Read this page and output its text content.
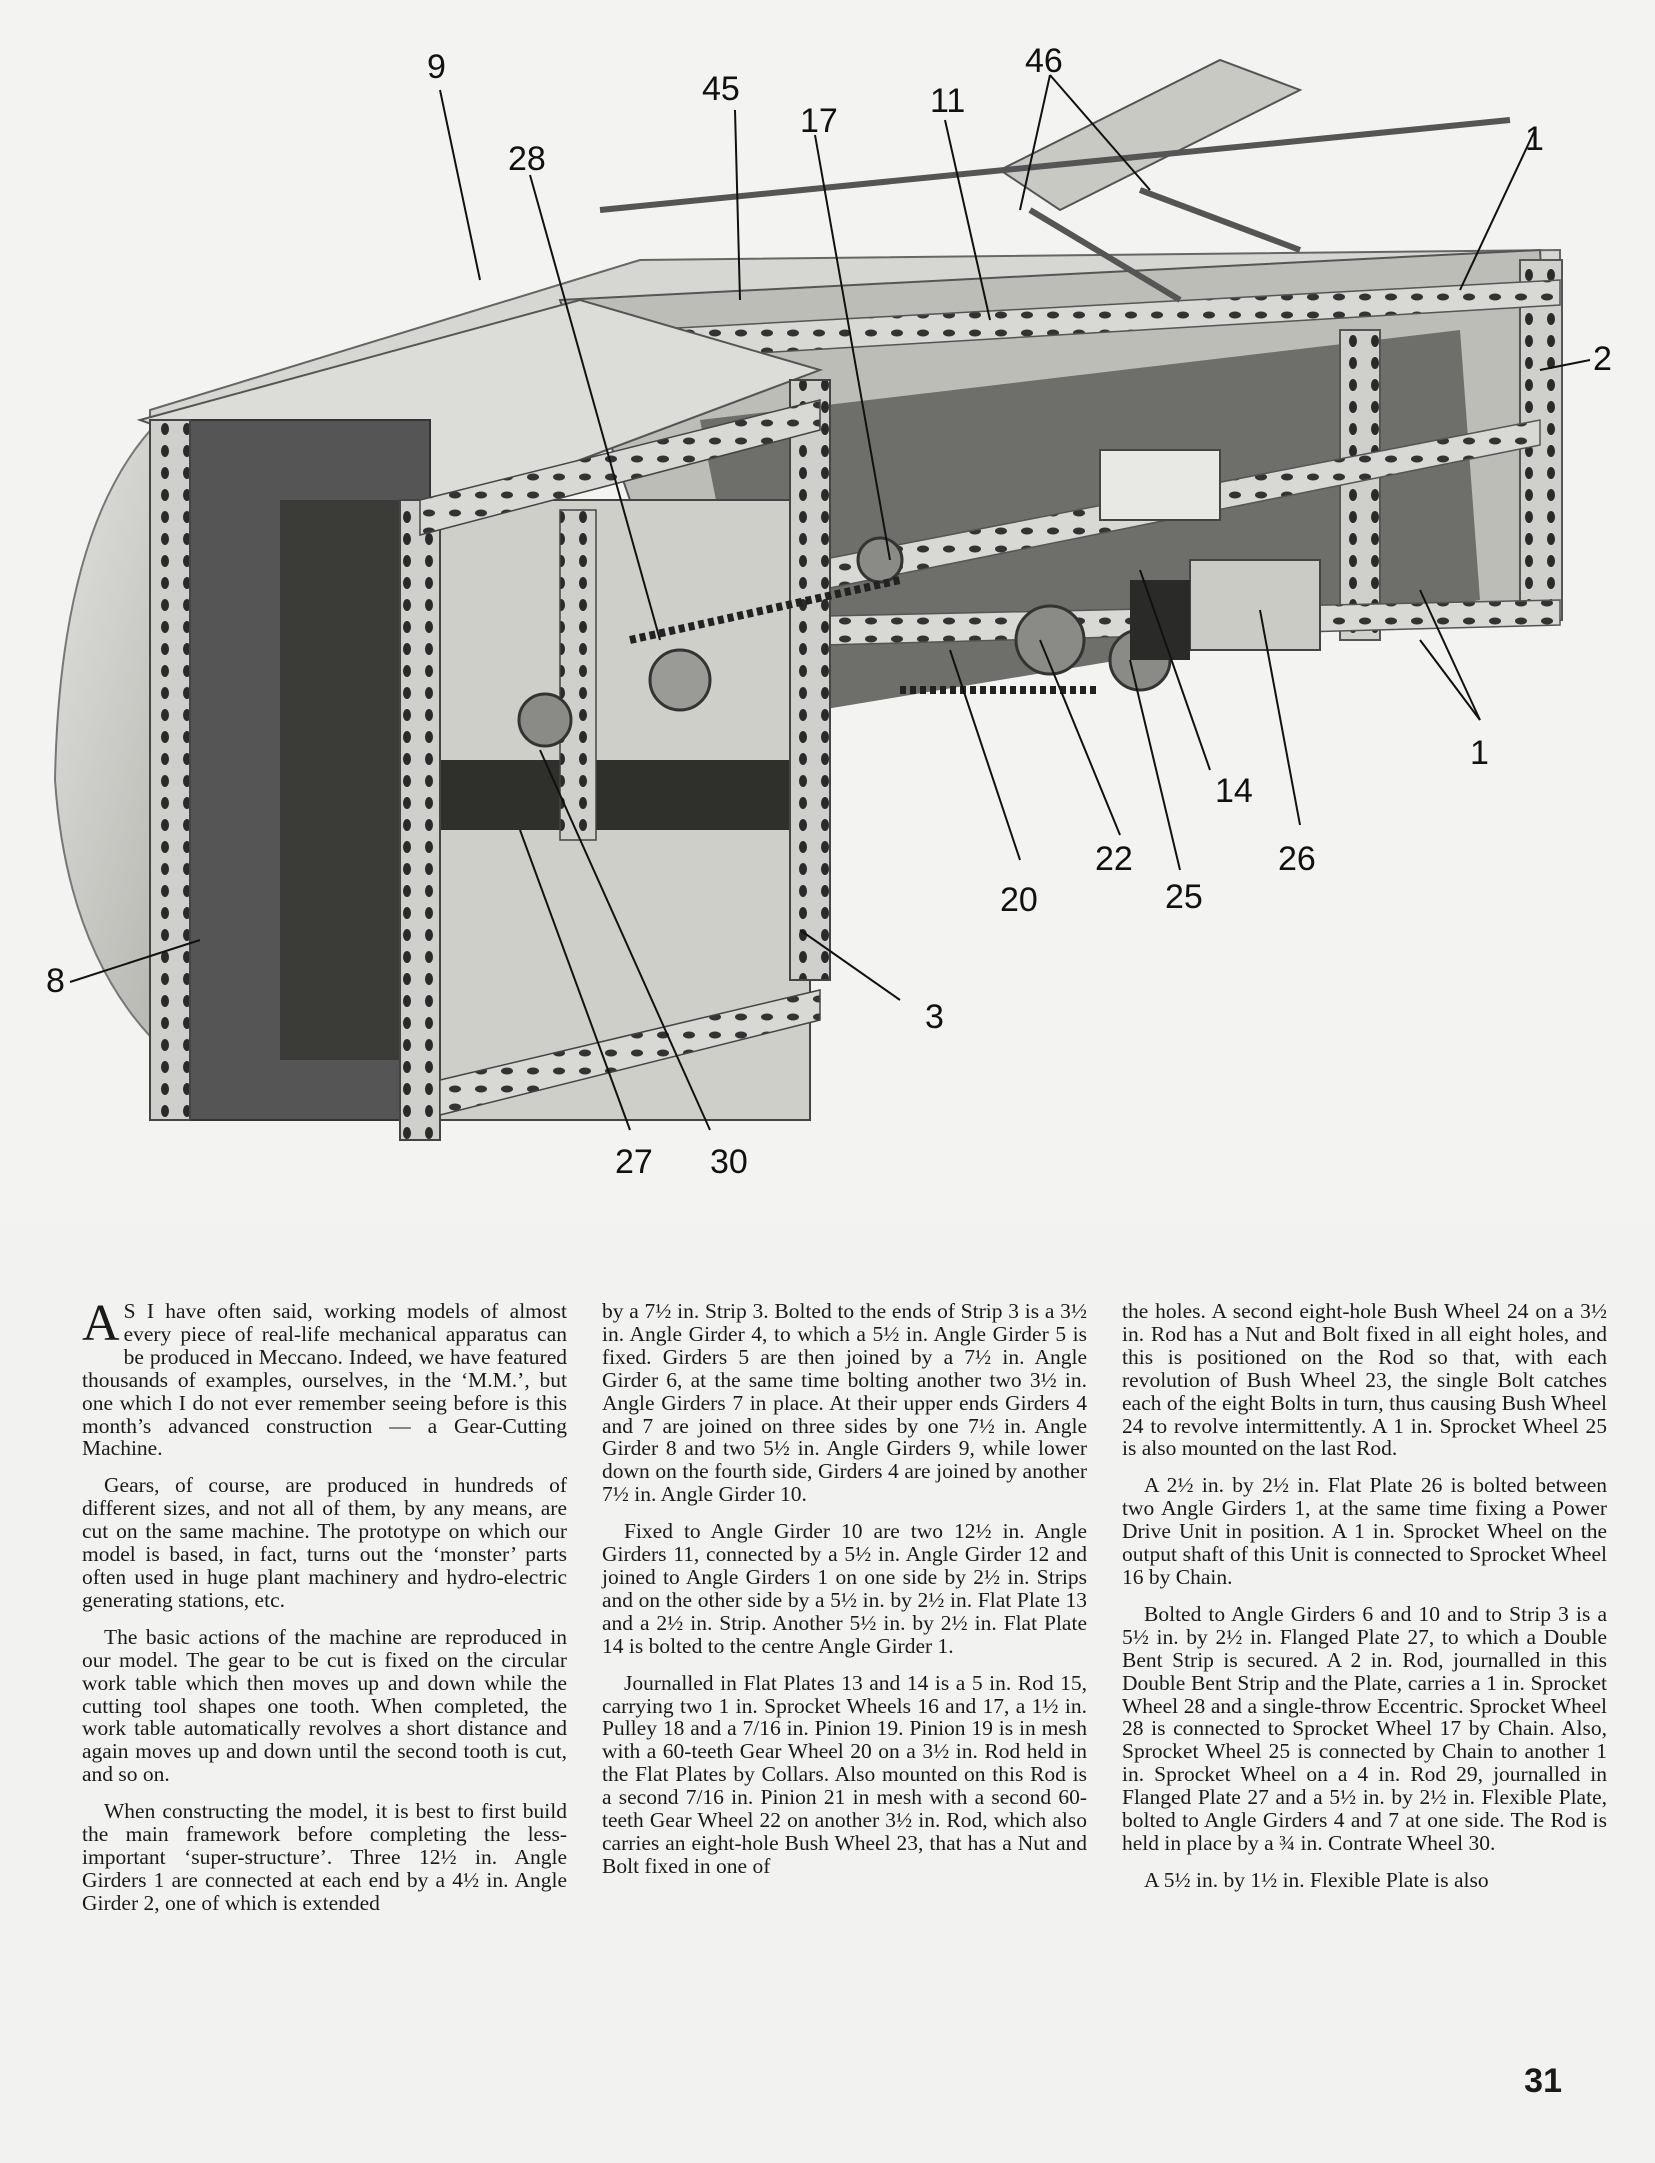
9
45
46
17
11
28
1
2
1
14
22	26
20	25
8
3
27 30

A S I have often said, working models of almost every piece of real-life mechanical apparatus can be produced in Meccano. Indeed, we have featured thousands of examples, ourselves, in the ‘M.M.’, but one which I do not ever remember seeing before is this month’s advanced construction — a Gear-Cutting Machine.

Gears, of course, are produced in hundreds of different sizes, and not all of them, by any means, are cut on the same machine. The prototype on which our model is based, in fact, turns out the ‘monster’ parts often used in huge plant machinery and hydro-electric generating stations, etc.

The basic actions of the machine are reproduced in our model. The gear to be cut is fixed on the circular work table which then moves up and down while the cutting tool shapes one tooth. When completed, the work table automatically revolves a short distance and again moves up and down until the second tooth is cut, and so on.

When constructing the model, it is best to first build the main framework before completing the less-important ‘super-structure’. Three 12½ in. Angle Girders 1 are connected at each end by a 4½ in. Angle Girder 2, one of which is extended

by a 7½ in. Strip 3. Bolted to the ends of Strip 3 is a 3½ in. Angle Girder 4, to which a 5½ in. Angle Girder 5 is fixed. Girders 5 are then joined by a 7½ in. Angle Girder 6, at the same time bolting another two 3½ in. Angle Girders 7 in place. At their upper ends Girders 4 and 7 are joined on three sides by one 7½ in. Angle Girder 8 and two 5½ in. Angle Girders 9, while lower down on the fourth side, Girders 4 are joined by another 7½ in. Angle Girder 10.

Fixed to Angle Girder 10 are two 12½ in. Angle Girders 11, connected by a 5½ in. Angle Girder 12 and joined to Angle Girders 1 on one side by 2½ in. Strips and on the other side by a 5½ in. by 2½ in. Flat Plate 13 and a 2½ in. Strip. Another 5½ in. by 2½ in. Flat Plate 14 is bolted to the centre Angle Girder 1.

Journalled in Flat Plates 13 and 14 is a 5 in. Rod 15, carrying two 1 in. Sprocket Wheels 16 and 17, a 1½ in. Pulley 18 and a 7/16 in. Pinion 19. Pinion 19 is in mesh with a 60-teeth Gear Wheel 20 on a 3½ in. Rod held in the Flat Plates by Collars. Also mounted on this Rod is a second 7/16 in. Pinion 21 in mesh with a second 60-teeth Gear Wheel 22 on another 3½ in. Rod, which also carries an eight-hole Bush Wheel 23, that has a Nut and Bolt fixed in one of

the holes. A second eight-hole Bush Wheel 24 on a 3½ in. Rod has a Nut and Bolt fixed in all eight holes, and this is positioned on the Rod so that, with each revolution of Bush Wheel 23, the single Bolt catches each of the eight Bolts in turn, thus causing Bush Wheel 24 to revolve intermittently. A 1 in. Sprocket Wheel 25 is also mounted on the last Rod.

A 2½ in. by 2½ in. Flat Plate 26 is bolted between two Angle Girders 1, at the same time fixing a Power Drive Unit in position. A 1 in. Sprocket Wheel on the output shaft of this Unit is connected to Sprocket Wheel 16 by Chain.

Bolted to Angle Girders 6 and 10 and to Strip 3 is a 5½ in. by 2½ in. Flanged Plate 27, to which a Double Bent Strip is secured. A 2 in. Rod, journalled in this Double Bent Strip and the Plate, carries a 1 in. Sprocket Wheel 28 and a single-throw Eccentric. Sprocket Wheel 28 is connected to Sprocket Wheel 17 by Chain. Also, Sprocket Wheel 25 is connected by Chain to another 1 in. Sprocket Wheel on a 4 in. Rod 29, journalled in Flanged Plate 27 and a 5½ in. by 2½ in. Flexible Plate, bolted to Angle Girders 4 and 7 at one side. The Rod is held in place by a ¾ in. Contrate Wheel 30.

A 5½ in. by 1½ in. Flexible Plate is also

31
